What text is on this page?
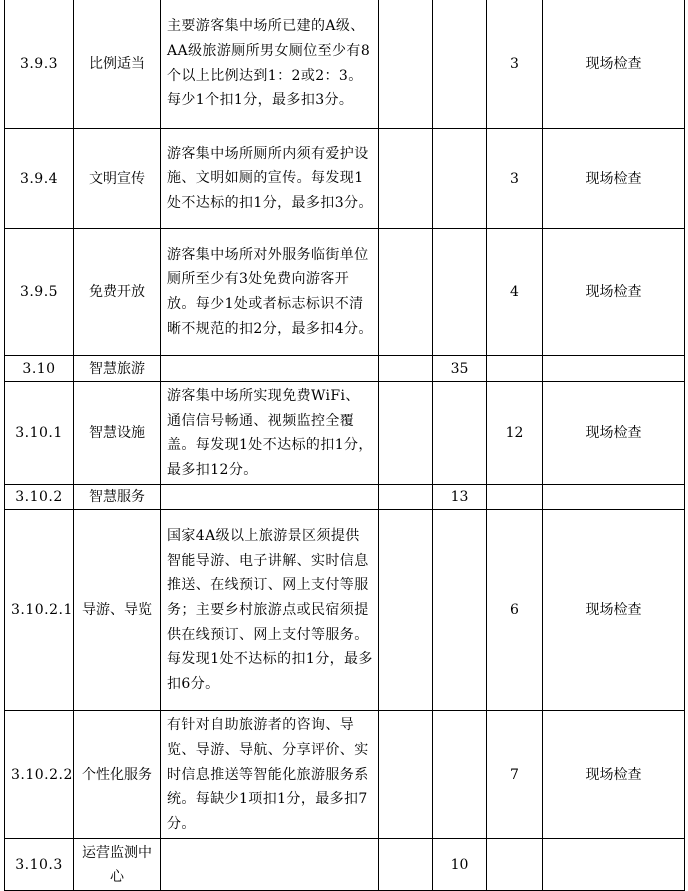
3.9.3	比例适当	主要游客集中场所已建的A级、AA级旅游厕所男女厕位至少有8个以上比例达到1：2或2：3。每少1个扣1分，最多扣3分。			3	现场检查
3.9.4	文明宣传	游客集中场所厕所内须有爱护设施、文明如厕的宣传。每发现1处不达标的扣1分，最多扣3分。			3	现场检查
3.9.5	免费开放	游客集中场所对外服务临街单位厕所至少有3处免费向游客开放。每少1处或者标志标识不清晰不规范的扣2分，最多扣4分。			4	现场检查
3.10	智慧旅游			35		
3.10.1	智慧设施	游客集中场所实现免费WiFi、通信信号畅通、视频监控全覆盖。每发现1处不达标的扣1分，最多扣12分。			12	现场检查
3.10.2	智慧服务			13		
3.10.2.1	导游、导览	国家4A级以上旅游景区须提供智能导游、电子讲解、实时信息推送、在线预订、网上支付等服务；主要乡村旅游点或民宿须提供在线预订、网上支付等服务。每发现1处不达标的扣1分，最多扣6分。			6	现场检查
3.10.2.2	个性化服务	有针对自助旅游者的咨询、导览、导游、导航、分享评价、实时信息推送等智能化旅游服务系统。每缺少1项扣1分，最多扣7分。			7	现场检查
3.10.3	运营监测中心			10		
